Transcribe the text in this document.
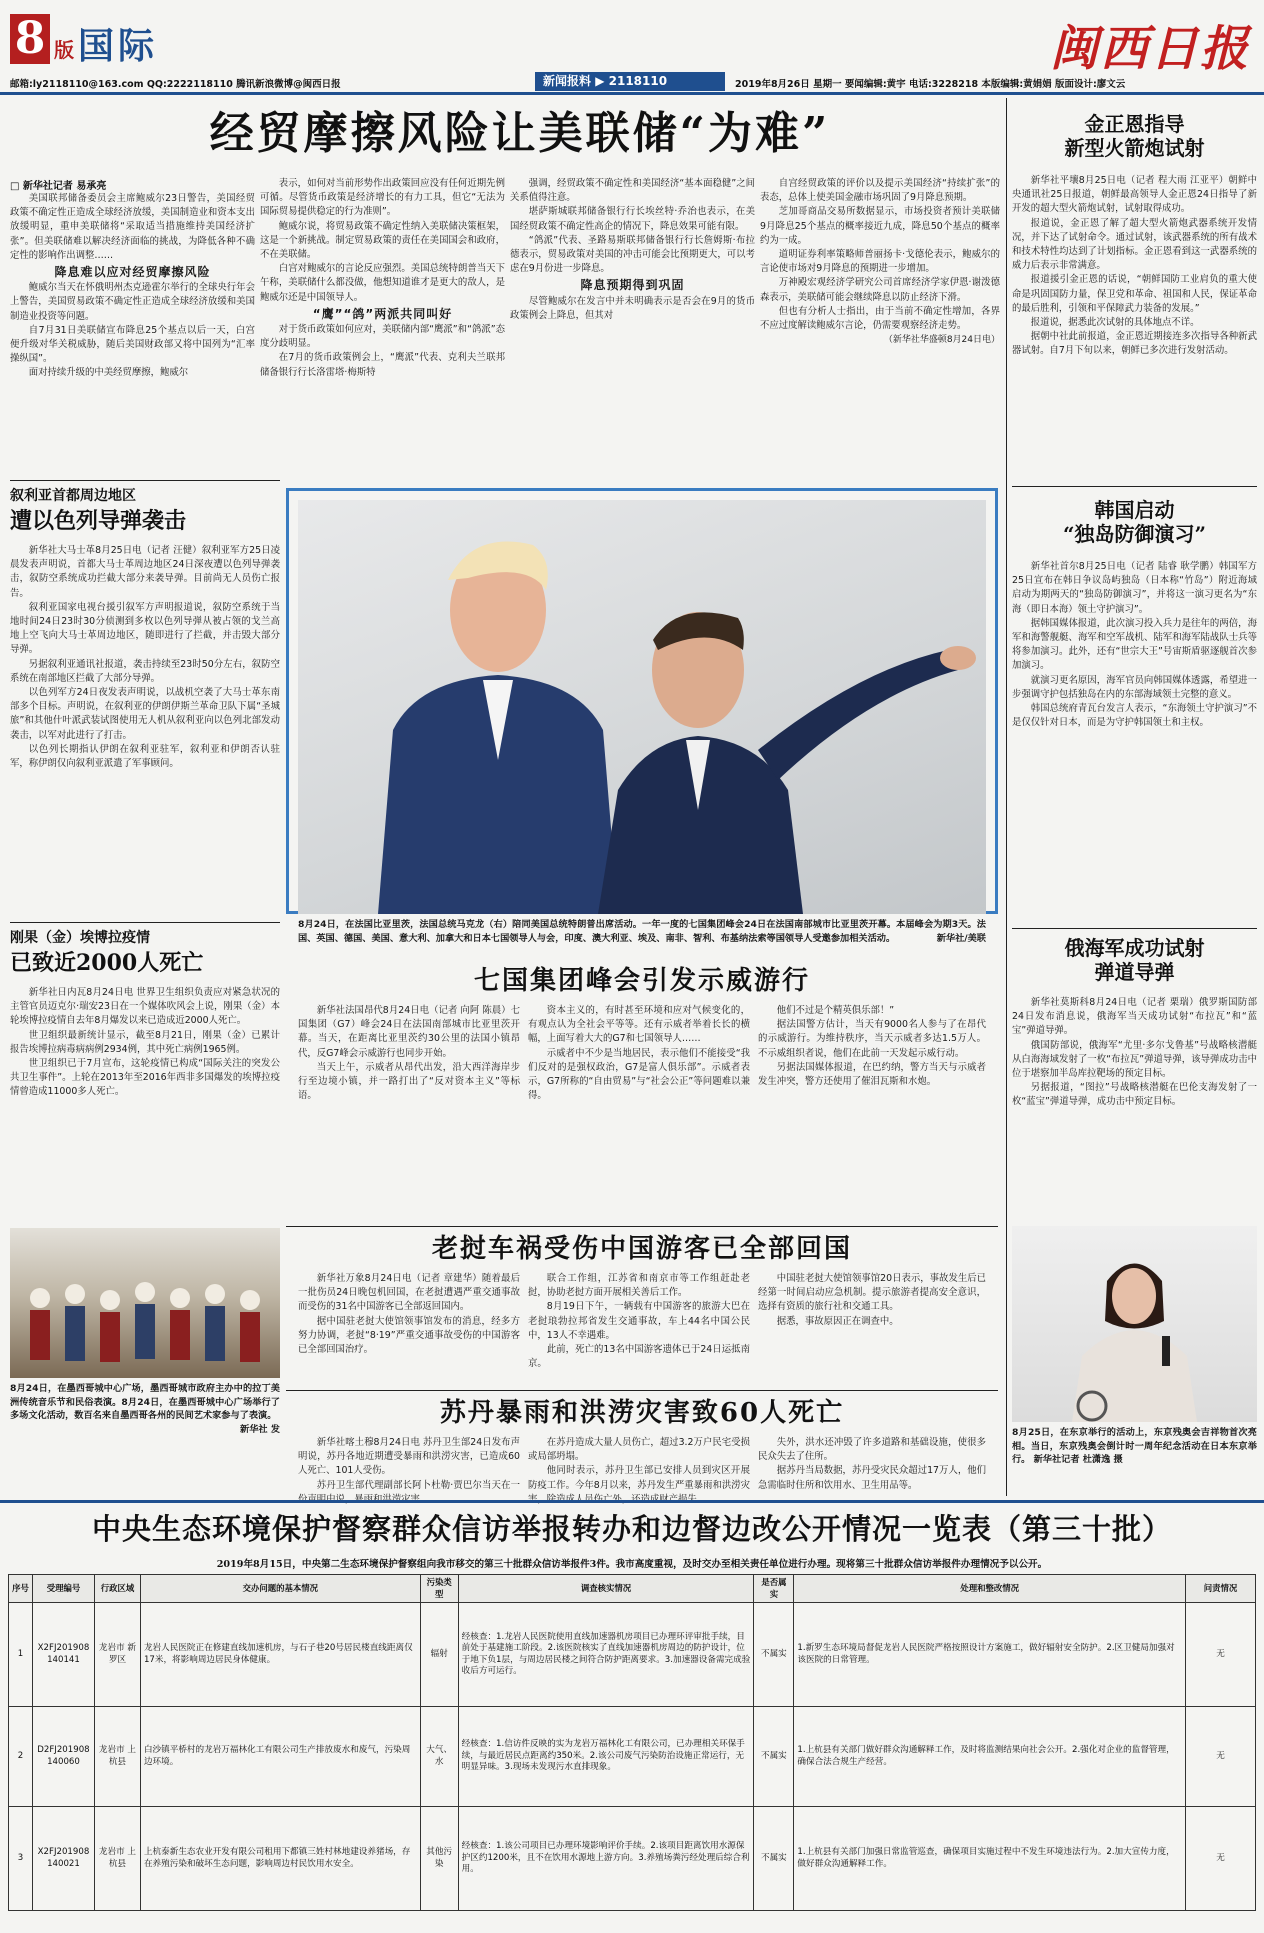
8 版 国际	闽西日报
邮箱:ly2118110@163.com QQ:2222118110 腾讯新浪微博@闽西日报	新闻报料 ▶ 2118110	2019年8月26日 星期一 要闻编辑:黄宇 电话:3228218 本版编辑:黄娟娟 版面设计:廖文云
经贸摩擦风险让美联储“为难”
□ 新华社记者 易承亮

美国联邦储备委员会主席鲍威尔23日警告，美国经贸政策不确定性正造成全球经济放缓，美国制造业和资本支出放缓明显，重申美联储将“采取适当措施维持美国经济扩张”。但美联储难以解决经济面临的挑战，为降低各种不确定性的影响作出调整……

降息难以应对经贸摩擦风险

鲍威尔当天在怀俄明州杰克逊霍尔举行的全球央行年会上警告，美国贸易政策不确定性正造成全球经济放缓和美国制造业投资等问题。

自7月31日美联储宣布降息25个基点以后一天，白宫便升级对华关税威胁，随后美国财政部又将中国列为“汇率操纵国”。

面对持续升级的中美经贸摩擦，鲍威尔

表示，如何对当前形势作出政策回应没有任何近期先例可循。尽管货币政策是经济增长的有力工具，但它“无法为国际贸易提供稳定的行为准则”。

鲍威尔说，将贸易政策不确定性纳入美联储决策框架，这是一个新挑战。制定贸易政策的责任在美国国会和政府，不在美联储。

白宫对鲍威尔的言论反应强烈。美国总统特朗普当天下午称，美联储什么都没做，他想知道谁才是更大的敌人，是鲍威尔还是中国领导人。

“鹰”“鸽”两派共同叫好

对于货币政策如何应对，美联储内部“鹰派”和“鸽派”态度分歧明显。

在7月的货币政策例会上，“鹰派”代表、克利夫兰联邦储备银行行长洛雷塔·梅斯特

强调，经贸政策不确定性和美国经济“基本面稳健”之间关系值得注意。

堪萨斯城联邦储备银行行长埃丝特·乔治也表示，在美国经贸政策不确定性高企的情况下，降息效果可能有限。

“鸽派”代表、圣路易斯联邦储备银行行长詹姆斯·布拉德表示，贸易政策对美国的冲击可能会比预期更大，可以考虑在9月份进一步降息。

降息预期得到巩固

尽管鲍威尔在发言中并未明确表示是否会在9月的货币政策例会上降息，但其对

自宫经贸政策的评价以及提示美国经济“持续扩张”的表态，总体上使美国金融市场巩固了9月降息预期。

芝加哥商品交易所数据显示，市场投资者预计美联储9月降息25个基点的概率接近九成，降息50个基点的概率约为一成。

道明证券利率策略师普丽扬卡·戈德伦表示，鲍威尔的言论使市场对9月降息的预期进一步增加。

万神殿宏观经济学研究公司首席经济学家伊恩·谢泼德森表示，美联储可能会继续降息以防止经济下滑。

但也有分析人士指出，由于当前不确定性增加，各界不应过度解读鲍威尔言论，仍需要观察经济走势。

（新华社华盛顿8月24日电）

金正恩指导
新型火箭炮试射

新华社平壤8月25日电（记者 程大雨 江亚平）朝鲜中央通讯社25日报道，朝鲜最高领导人金正恩24日指导了新开发的超大型火箭炮试射，试射取得成功。

报道说，金正恩了解了超大型火箭炮武器系统开发情况，并下达了试射命令。通过试射，该武器系统的所有战术和技术特性均达到了计划指标。金正恩看到这一武器系统的威力后表示非常满意。

报道援引金正恩的话说，“朝鲜国防工业肩负的重大使命是巩固国防力量，保卫党和革命、祖国和人民，保证革命的最后胜利，引领和平保障武力装备的发展。”

报道说，据悉此次试射的具体地点不详。

据朝中社此前报道，金正恩近期接连多次指导各种新武器试射。自7月下旬以来，朝鲜已多次进行发射活动。

叙利亚首都周边地区
遭以色列导弹袭击

新华社大马士革8月25日电（记者 汪健）叙利亚军方25日凌晨发表声明说，首都大马士革周边地区24日深夜遭以色列导弹袭击，叙防空系统成功拦截大部分来袭导弹。目前尚无人员伤亡报告。

叙利亚国家电视台援引叙军方声明报道说，叙防空系统于当地时间24日23时30分侦测到多枚以色列导弹从被占领的戈兰高地上空飞向大马士革周边地区，随即进行了拦截，并击毁大部分导弹。

另据叙利亚通讯社报道，袭击持续至23时50分左右，叙防空系统在南部地区拦截了大部分导弹。

以色列军方24日夜发表声明说，以战机空袭了大马士革东南部多个目标。声明说，在叙利亚的伊朗伊斯兰革命卫队下属“圣城旅”和其他什叶派武装试图使用无人机从叙利亚向以色列北部发动袭击，以军对此进行了打击。

以色列长期指认伊朗在叙利亚驻军，叙利亚和伊朗否认驻军，称伊朗仅向叙利亚派遣了军事顾问。

刚果（金）埃博拉疫情
已致近2000人死亡

新华社日内瓦8月24日电 世界卫生组织负责应对紧急状况的主管官员迈克尔·瑞安23日在一个媒体吹风会上说，刚果（金）本轮埃博拉疫情自去年8月爆发以来已造成近2000人死亡。

世卫组织最新统计显示，截至8月21日，刚果（金）已累计报告埃博拉病毒病病例2934例，其中死亡病例1965例。

世卫组织已于7月宣布，这轮疫情已构成“国际关注的突发公共卫生事件”。上轮在2013年至2016年西非多国爆发的埃博拉疫情曾造成11000多人死亡。

8月24日，在法国比亚里茨，法国总统马克龙（右）陪同美国总统特朗普出席活动。一年一度的七国集团峰会24日在法国南部城市比亚里茨开幕。本届峰会为期3天。法国、英国、德国、美国、意大利、加拿大和日本七国领导人与会，印度、澳大利亚、埃及、南非、智利、布基纳法索等国领导人受邀参加相关活动。	新华社/美联
七国集团峰会引发示威游行

新华社法国昂代8月24日电（记者 向阿 陈晨）七国集团（G7）峰会24日在法国南部城市比亚里茨开幕。当天，在距离比亚里茨约30公里的法国小镇昂代，反G7峰会示威游行也同步开始。

当天上午，示威者从昂代出发，沿大西洋海岸步行至边境小镇，并一路打出了“反对资本主义”等标语。

资本主义的，有时甚至环境和应对气候变化的，有观点认为全社会平等等。还有示威者举着长长的横幅，上面写着大大的G7和七国领导人……

示威者中不少是当地居民，表示他们不能接受“我们反对的是强权政治，G7是富人俱乐部”。示威者表示，G7所称的“自由贸易”与“社会公正”等问题难以兼得。

他们不过是个精英俱乐部！”

据法国警方估计，当天有9000名人参与了在昂代的示威游行。为维持秩序，当天示威者多达1.5万人。不示威组织者说，他们在此前一天发起示威行动。

另据法国媒体报道，在巴约纳，警方当天与示威者发生冲突，警方还使用了催泪瓦斯和水炮。

韩国启动
“独岛防御演习”

新华社首尔8月25日电（记者 陆睿 耿学鹏）韩国军方25日宣布在韩日争议岛屿独岛（日本称“竹岛”）附近海域启动为期两天的“独岛防御演习”，并将这一演习更名为“东海（即日本海）领土守护演习”。

据韩国媒体报道，此次演习投入兵力是往年的两倍，海军和海警舰艇、海军和空军战机、陆军和海军陆战队士兵等将参加演习。此外，还有“世宗大王”号宙斯盾驱逐舰首次参加演习。

就演习更名原因，海军官员向韩国媒体透露，希望进一步强调守护包括独岛在内的东部海域领土完整的意义。

韩国总统府青瓦台发言人表示，“东海领土守护演习”不是仅仅针对日本，而是为守护韩国领土和主权。

俄海军成功试射
弹道导弹

新华社莫斯科8月24日电（记者 栗瑞）俄罗斯国防部24日发布消息说，俄海军当天成功试射“布拉瓦”和“蓝宝”弹道导弹。

俄国防部说，俄海军“尤里·多尔戈鲁基”号战略核潜艇从白海海域发射了一枚“布拉瓦”弹道导弹，该导弹成功击中位于堪察加半岛库拉靶场的预定目标。

另据报道，“图拉”号战略核潜艇在巴伦支海发射了一枚“蓝宝”弹道导弹，成功击中预定目标。

8月24日，在墨西哥城中心广场，墨西哥城市政府主办中的拉丁美洲传统音乐节和民俗表演。8月24日，在墨西哥城中心广场举行了多场文化活动，数百名来自墨西哥各州的民间艺术家参与了表演。
新华社 发
老挝车祸受伤中国游客已全部回国

新华社万象8月24日电（记者 章建华）随着最后一批伤员24日晚包机回国，在老挝遭遇严重交通事故而受伤的31名中国游客已全部返回国内。

据中国驻老挝大使馆领事馆发布的消息，经多方努力协调，老挝“8·19”严重交通事故受伤的中国游客已全部回国治疗。

联合工作组，江苏省和南京市等工作组赶赴老挝，协助老挝方面开展相关善后工作。

8月19日下午，一辆载有中国游客的旅游大巴在老挝琅勃拉邦省发生交通事故，车上44名中国公民中，13人不幸遇难。

此前，死亡的13名中国游客遗体已于24日运抵南京。

中国驻老挝大使馆领事馆20日表示，事故发生后已经第一时间启动应急机制。提示旅游者提高安全意识，选择有资质的旅行社和交通工具。

据悉，事故原因正在调查中。

苏丹暴雨和洪涝灾害致60人死亡

新华社喀土穆8月24日电 苏丹卫生部24日发布声明说，苏丹各地近期遭受暴雨和洪涝灾害，已造成60人死亡、101人受伤。

苏丹卫生部代理副部长阿卜杜勒·贾巴尔当天在一

在苏丹造成大量人员伤亡，超过3.2万户民宅受损或局部坍塌。

他同时表示，苏丹卫生部已安排人员到灾区开展防疫工作。今年8月以来，苏丹发生严重暴雨和洪涝灾

失外，洪水还冲毁了许多道路和基础设施，使很多民众失去了住所。

据苏丹当局数据，苏丹受灾民众超过17万人，他们急需临时住所和饮用水、卫生用品等。

8月25日，在东京举行的活动上，东京残奥会吉祥物首次亮相。当日，东京残奥会倒计时一周年纪念活动在日本东京举行。 新华社记者 杜潇逸 摄
中央生态环境保护督察群众信访举报转办和边督边改公开情况一览表（第三十批）
2019年8月15日，中央第二生态环境保护督察组向我市移交的第三十批群众信访举报件3件。我市高度重视，及时交办至相关责任单位进行办理。现将第三十批群众信访举报件办理情况予以公开。
序号	受理编号	行政区域	交办问题的基本情况	污染类型	调查核实情况	是否属实	处理和整改情况	问责情况
1	X2FJ201908 140141	龙岩市 新罗区	龙岩人民医院正在修建直线加速机房，与石子巷20号居民楼直线距离仅17米，将影响周边居民身体健康。	辐射	经核查：1.龙岩人民医院使用直线加速器机房项目已办理环评审批手续，目前处于基建施工阶段。2.该医院核实了直线加速器机房周边的防护设计，位于地下负1层，与周边居民楼之间符合防护距离要求。3.加速器设备需完成验收后方可运行。	不属实	1.新罗生态环境局督促龙岩人民医院严格按照设计方案施工，做好辐射安全防护。2.区卫健局加强对该医院的日常管理。	无
2	D2FJ201908 140060	龙岩市 上杭县	白沙镇平桥村的龙岩万福林化工有限公司生产排放废水和废气，污染周边环境。	大气、水	经核查：1.信访件反映的实为龙岩万福林化工有限公司，已办理相关环保手续，与最近居民点距离约350米。2.该公司废气污染防治设施正常运行，无明显异味。3.现场未发现污水直排现象。	不属实	1.上杭县有关部门做好群众沟通解释工作，及时将监测结果向社会公开。2.强化对企业的监督管理，确保合法合规生产经营。	无
3	X2FJ201908 140021	龙岩市 上杭县	上杭泰新生态农业开发有限公司租用下都镇三姓村林地建设养猪场，存在养殖污染和破坏生态问题，影响周边村民饮用水安全。	其他污染	经核查：1.该公司项目已办理环境影响评价手续。2.该项目距离饮用水源保护区约1200米，且不在饮用水源地上游方向。3.养殖场粪污经处理后综合利用。	不属实	1.上杭县有关部门加强日常监管巡查，确保项目实施过程中不发生环境违法行为。2.加大宣传力度，做好群众沟通解释工作。	无
